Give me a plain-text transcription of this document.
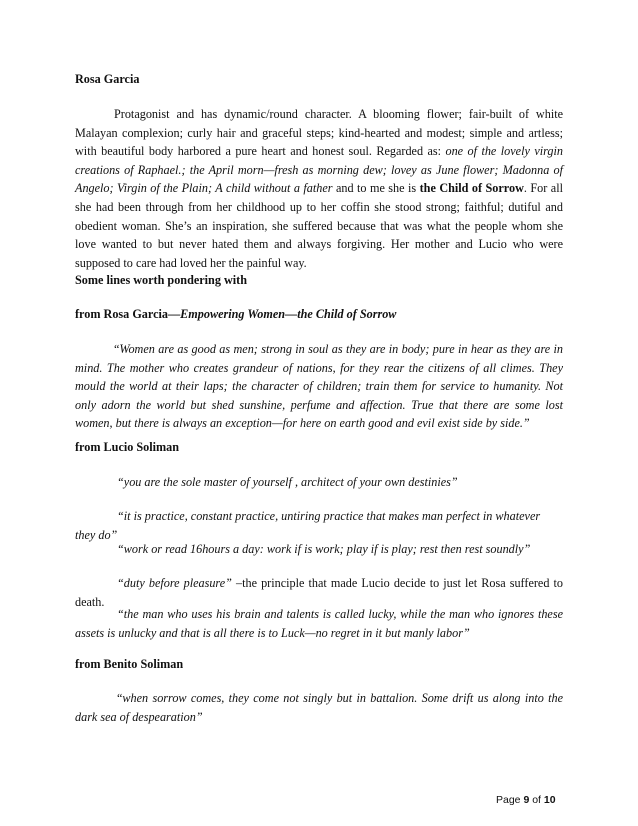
Rosa Garcia

Protagonist and has dynamic/round character. A blooming flower; fair-built of white Malayan complexion; curly hair and graceful steps; kind-hearted and modest; simple and artless; with beautiful body harbored a pure heart and honest soul. Regarded as: one of the lovely virgin creations of Raphael.; the April morn—fresh as morning dew; lovey as June flower; Madonna of Angelo; Virgin of the Plain; A child without a father and to me she is the Child of Sorrow. For all she had been through from her childhood up to her coffin she stood strong; faithful; dutiful and obedient woman. She’s an inspiration, she suffered because that was what the people whom she love wanted to but never hated them and always forgiving. Her mother and Lucio who were supposed to care had loved her the painful way.

Some lines worth pondering with

from Rosa Garcia—Empowering Women—the Child of Sorrow

“Women are as good as men; strong in soul as they are in body; pure in hear as they are in mind. The mother who creates grandeur of nations, for they rear the citizens of all climes. They mould the world at their laps; the character of children; train them for service to humanity. Not only adorn the world but shed sunshine, perfume and affection. True that there are some lost women, but there is always an exception—for here on earth good and evil exist side by side.”

from Lucio Soliman

“you are the sole master of yourself , architect of your own destinies”

“it is practice, constant practice, untiring practice that makes man perfect in whatever they do”

“work or read 16hours a day: work if is work; play if is play; rest then rest soundly”

“duty before pleasure” –the principle that made Lucio decide to just let Rosa suffered to death.

“the man who uses his brain and talents is called lucky, while the man who ignores these assets is unlucky and that is all there is to Luck—no regret in it but manly labor”

from Benito Soliman

“when sorrow comes, they come not singly but in battalion. Some drift us along into the dark sea of despearation”

Page 9 of 10
